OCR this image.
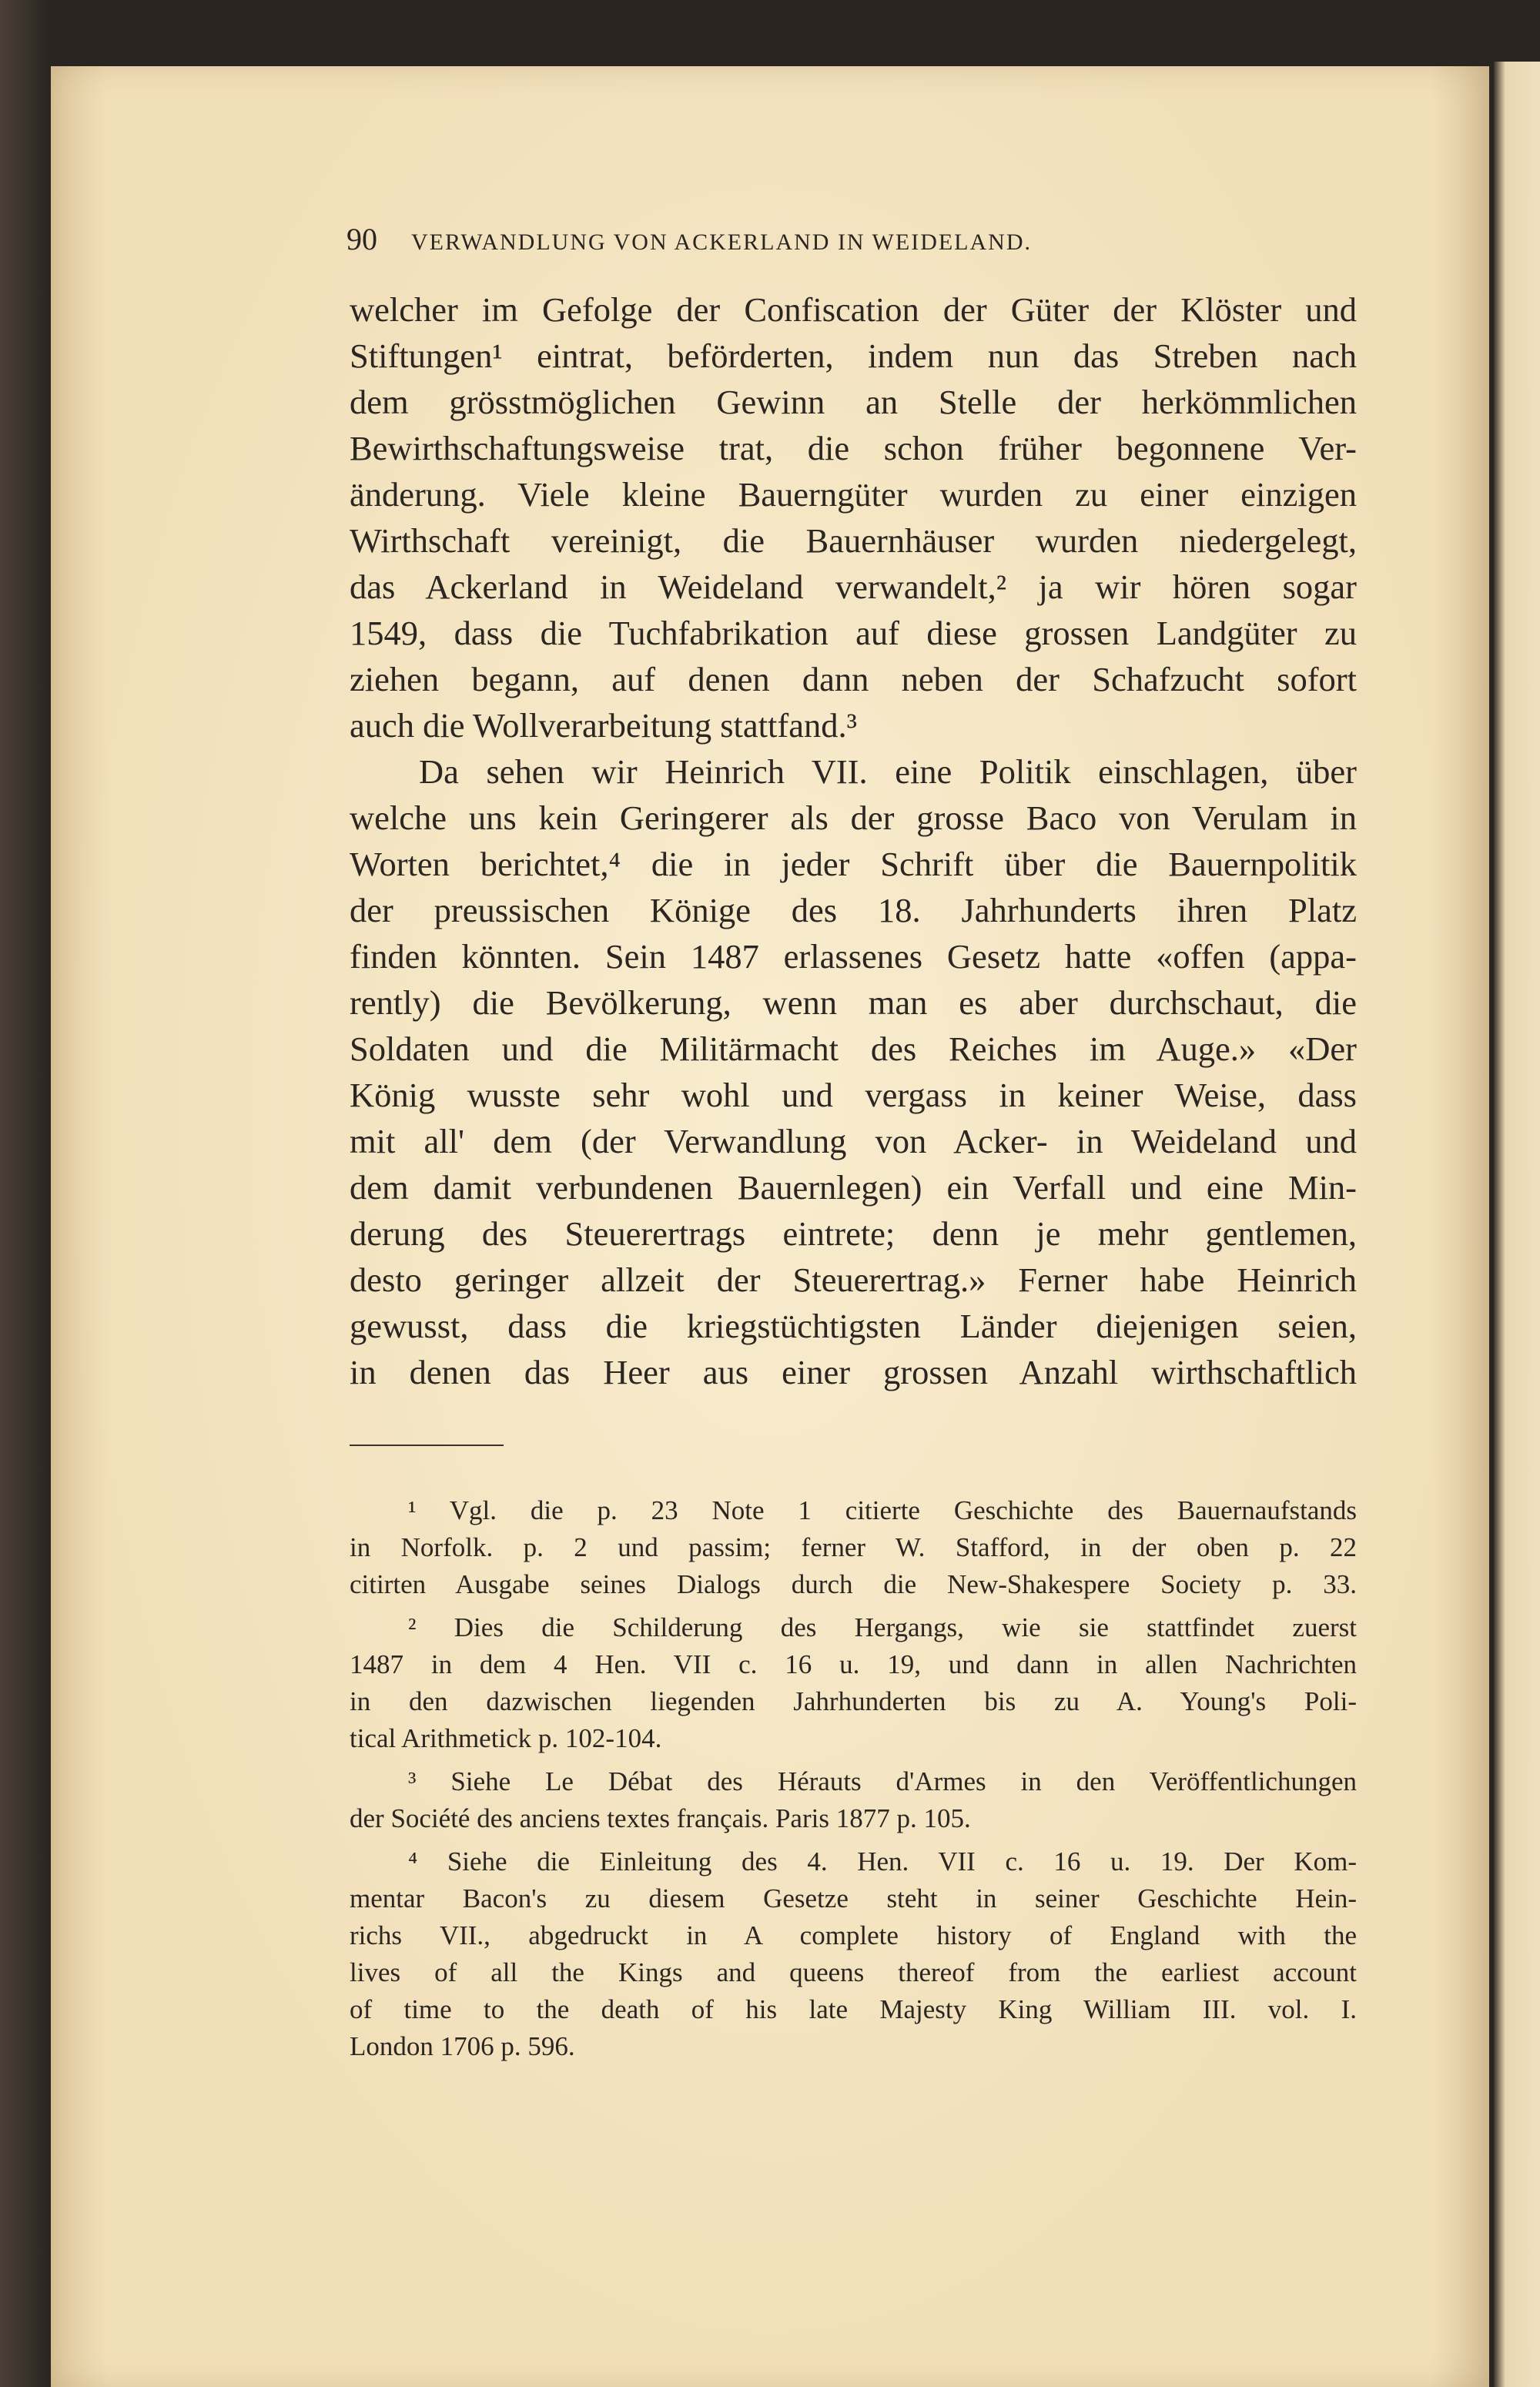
90 VERWANDLUNG VON ACKERLAND IN WEIDELAND.
welcher im Gefolge der Confiscation der Güter der Klöster und
Stiftungen¹ eintrat, beförderten, indem nun das Streben nach
dem grösstmöglichen Gewinn an Stelle der herkömmlichen
Bewirthschaftungsweise trat, die schon früher begonnene Ver-
änderung. Viele kleine Bauerngüter wurden zu einer einzigen
Wirthschaft vereinigt, die Bauernhäuser wurden niedergelegt,
das Ackerland in Weideland verwandelt,² ja wir hören sogar
1549, dass die Tuchfabrikation auf diese grossen Landgüter zu
ziehen begann, auf denen dann neben der Schafzucht sofort
auch die Wollverarbeitung stattfand.³
Da sehen wir Heinrich VII. eine Politik einschlagen, über
welche uns kein Geringerer als der grosse Baco von Verulam in
Worten berichtet,⁴ die in jeder Schrift über die Bauernpolitik
der preussischen Könige des 18. Jahrhunderts ihren Platz
finden könnten. Sein 1487 erlassenes Gesetz hatte «offen (appa-
rently) die Bevölkerung, wenn man es aber durchschaut, die
Soldaten und die Militärmacht des Reiches im Auge.» «Der
König wusste sehr wohl und vergass in keiner Weise, dass
mit all' dem (der Verwandlung von Acker- in Weideland und
dem damit verbundenen Bauernlegen) ein Verfall und eine Min-
derung des Steuerertrags eintrete; denn je mehr gentlemen,
desto geringer allzeit der Steuerertrag.» Ferner habe Heinrich
gewusst, dass die kriegstüchtigsten Länder diejenigen seien,
in denen das Heer aus einer grossen Anzahl wirthschaftlich
¹ Vgl. die p. 23 Note 1 citierte Geschichte des Bauernaufstands
in Norfolk. p. 2 und passim; ferner W. Stafford, in der oben p. 22
citirten Ausgabe seines Dialogs durch die New-Shakespere Society p. 33.
² Dies die Schilderung des Hergangs, wie sie stattfindet zuerst
1487 in dem 4 Hen. VII c. 16 u. 19, und dann in allen Nachrichten
in den dazwischen liegenden Jahrhunderten bis zu A. Young's Poli-
tical Arithmetick p. 102-104.
³ Siehe Le Débat des Hérauts d'Armes in den Veröffentlichungen
der Société des anciens textes français. Paris 1877 p. 105.
⁴ Siehe die Einleitung des 4. Hen. VII c. 16 u. 19. Der Kom-
mentar Bacon's zu diesem Gesetze steht in seiner Geschichte Hein-
richs VII., abgedruckt in A complete history of England with the
lives of all the Kings and queens thereof from the earliest account
of time to the death of his late Majesty King William III. vol. I.
London 1706 p. 596.
